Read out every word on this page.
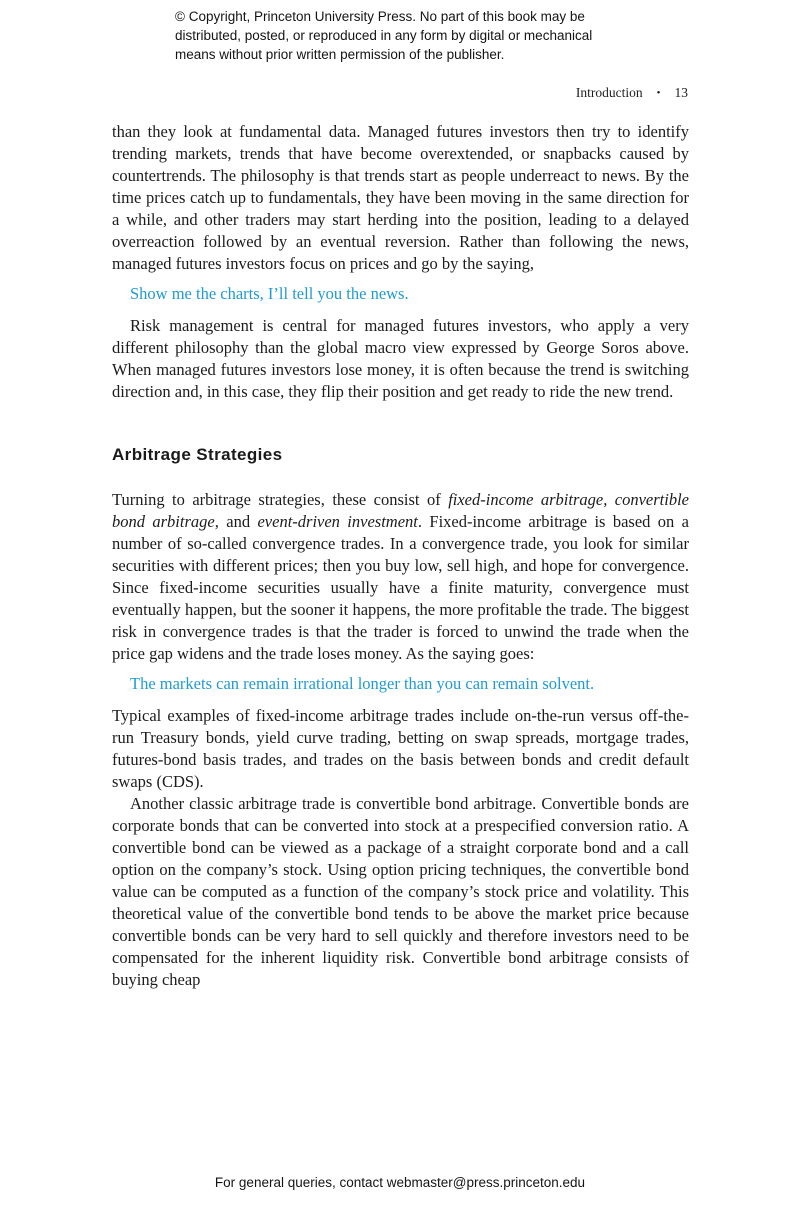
© Copyright, Princeton University Press. No part of this book may be distributed, posted, or reproduced in any form by digital or mechanical means without prior written permission of the publisher.
Introduction • 13

than they look at fundamental data. Managed futures investors then try to identify trending markets, trends that have become overextended, or snapbacks caused by countertrends. The philosophy is that trends start as people underreact to news. By the time prices catch up to fundamentals, they have been moving in the same direction for a while, and other traders may start herding into the position, leading to a delayed overreaction followed by an eventual reversion. Rather than following the news, managed futures investors focus on prices and go by the saying,

Show me the charts, I’ll tell you the news.

Risk management is central for managed futures investors, who apply a very different philosophy than the global macro view expressed by George Soros above. When managed futures investors lose money, it is often because the trend is switching direction and, in this case, they flip their position and get ready to ride the new trend.

Arbitrage Strategies

Turning to arbitrage strategies, these consist of fixed-income arbitrage, convertible bond arbitrage, and event-driven investment. Fixed-income arbitrage is based on a number of so-called convergence trades. In a convergence trade, you look for similar securities with different prices; then you buy low, sell high, and hope for convergence. Since fixed-income securities usually have a finite maturity, convergence must eventually happen, but the sooner it happens, the more profitable the trade. The biggest risk in convergence trades is that the trader is forced to unwind the trade when the price gap widens and the trade loses money. As the saying goes:

The markets can remain irrational longer than you can remain solvent.

Typical examples of fixed-income arbitrage trades include on-the-run versus off-the-run Treasury bonds, yield curve trading, betting on swap spreads, mortgage trades, futures-bond basis trades, and trades on the basis between bonds and credit default swaps (CDS).

Another classic arbitrage trade is convertible bond arbitrage. Convertible bonds are corporate bonds that can be converted into stock at a prespecified conversion ratio. A convertible bond can be viewed as a package of a straight corporate bond and a call option on the company’s stock. Using option pricing techniques, the convertible bond value can be computed as a function of the company’s stock price and volatility. This theoretical value of the convertible bond tends to be above the market price because convertible bonds can be very hard to sell quickly and therefore investors need to be compensated for the inherent liquidity risk. Convertible bond arbitrage consists of buying cheap

For general queries, contact webmaster@press.princeton.edu
